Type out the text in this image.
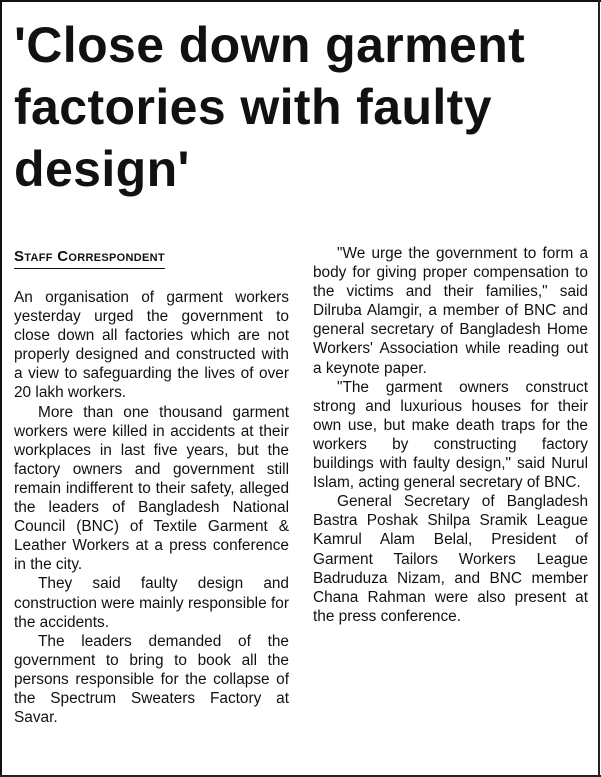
'Close down garment factories with faulty design'
Staff Correspondent

An organisation of garment workers yesterday urged the government to close down all factories which are not properly designed and constructed with a view to safeguarding the lives of over 20 lakh workers.

More than one thousand garment workers were killed in accidents at their workplaces in last five years, but the factory owners and government still remain indifferent to their safety, alleged the leaders of Bangladesh National Council (BNC) of Textile Garment & Leather Workers at a press conference in the city.

They said faulty design and construction were mainly responsible for the accidents.

The leaders demanded of the government to bring to book all the persons responsible for the collapse of the Spectrum Sweaters Factory at Savar.

"We urge the government to form a body for giving proper compensation to the victims and their families," said Dilruba Alamgir, a member of BNC and general secretary of Bangladesh Home Workers' Association while reading out a keynote paper.

"The garment owners construct strong and luxurious houses for their own use, but make death traps for the workers by constructing factory buildings with faulty design," said Nurul Islam, acting general secretary of BNC.

General Secretary of Bangladesh Bastra Poshak Shilpa Sramik League Kamrul Alam Belal, President of Garment Tailors Workers League Badruduza Nizam, and BNC member Chana Rahman were also present at the press conference.
